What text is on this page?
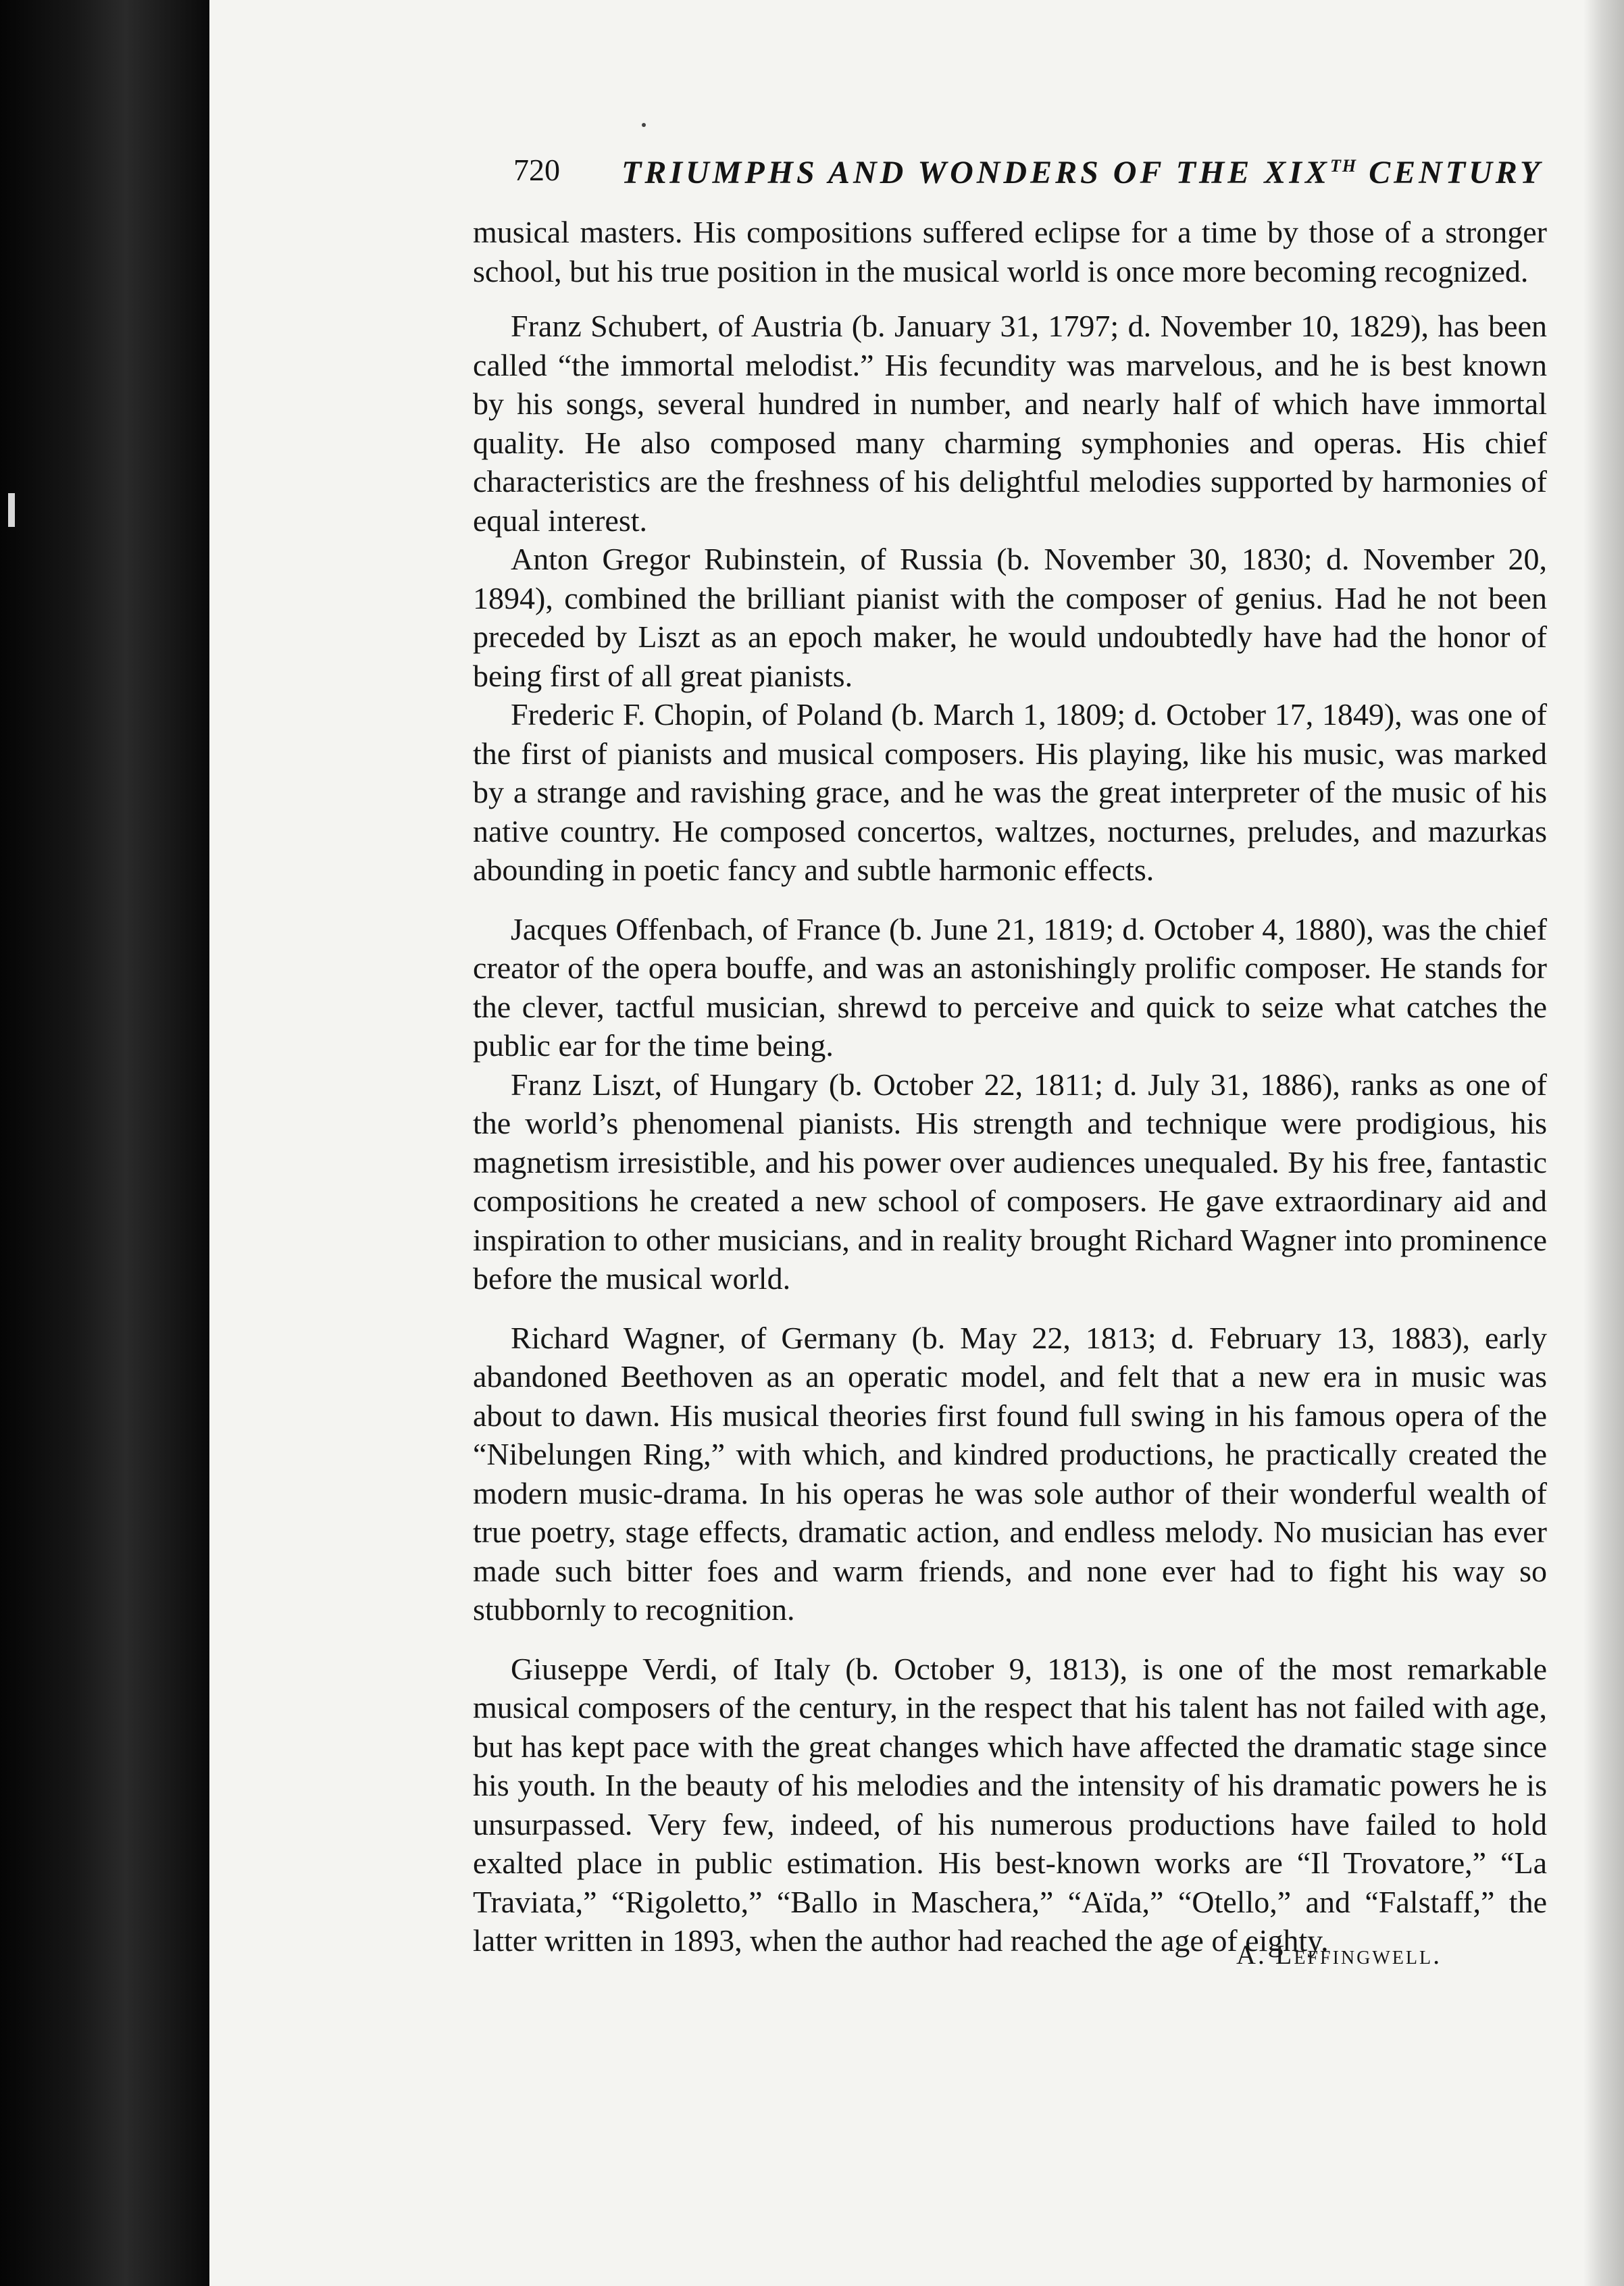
720 TRIUMPHS AND WONDERS OF THE XIXTH CENTURY

musical masters. His compositions suffered eclipse for a time by those of a stronger school, but his true position in the musical world is once more becoming recognized.

Franz Schubert, of Austria (b. January 31, 1797; d. November 10, 1829), has been called “the immortal melodist.” His fecundity was marvelous, and he is best known by his songs, several hundred in number, and nearly half of which have immortal quality. He also composed many charming symphonies and operas. His chief characteristics are the freshness of his delightful melodies supported by harmonies of equal interest.

Anton Gregor Rubinstein, of Russia (b. November 30, 1830; d. November 20, 1894), combined the brilliant pianist with the composer of genius. Had he not been preceded by Liszt as an epoch maker, he would undoubtedly have had the honor of being first of all great pianists.

Frederic F. Chopin, of Poland (b. March 1, 1809; d. October 17, 1849), was one of the first of pianists and musical composers. His playing, like his music, was marked by a strange and ravishing grace, and he was the great interpreter of the music of his native country. He composed concertos, waltzes, nocturnes, preludes, and mazurkas abounding in poetic fancy and subtle harmonic effects.

Jacques Offenbach, of France (b. June 21, 1819; d. October 4, 1880), was the chief creator of the opera bouffe, and was an astonishingly prolific composer. He stands for the clever, tactful musician, shrewd to perceive and quick to seize what catches the public ear for the time being.

Franz Liszt, of Hungary (b. October 22, 1811; d. July 31, 1886), ranks as one of the world’s phenomenal pianists. His strength and technique were prodigious, his magnetism irresistible, and his power over audiences unequaled. By his free, fantastic compositions he created a new school of composers. He gave extraordinary aid and inspiration to other musicians, and in reality brought Richard Wagner into prominence before the musical world.

Richard Wagner, of Germany (b. May 22, 1813; d. February 13, 1883), early abandoned Beethoven as an operatic model, and felt that a new era in music was about to dawn. His musical theories first found full swing in his famous opera of the “Nibelungen Ring,” with which, and kindred productions, he practically created the modern music-drama. In his operas he was sole author of their wonderful wealth of true poetry, stage effects, dramatic action, and endless melody. No musician has ever made such bitter foes and warm friends, and none ever had to fight his way so stubbornly to recognition.

Giuseppe Verdi, of Italy (b. October 9, 1813), is one of the most remarkable musical composers of the century, in the respect that his talent has not failed with age, but has kept pace with the great changes which have affected the dramatic stage since his youth. In the beauty of his melodies and the intensity of his dramatic powers he is unsurpassed. Very few, indeed, of his numerous productions have failed to hold exalted place in public estimation. His best-known works are “Il Trovatore,” “La Traviata,” “Rigoletto,” “Ballo in Maschera,” “Aïda,” “Otello,” and “Falstaff,” the latter written in 1893, when the author had reached the age of eighty.

A. Leffingwell.
